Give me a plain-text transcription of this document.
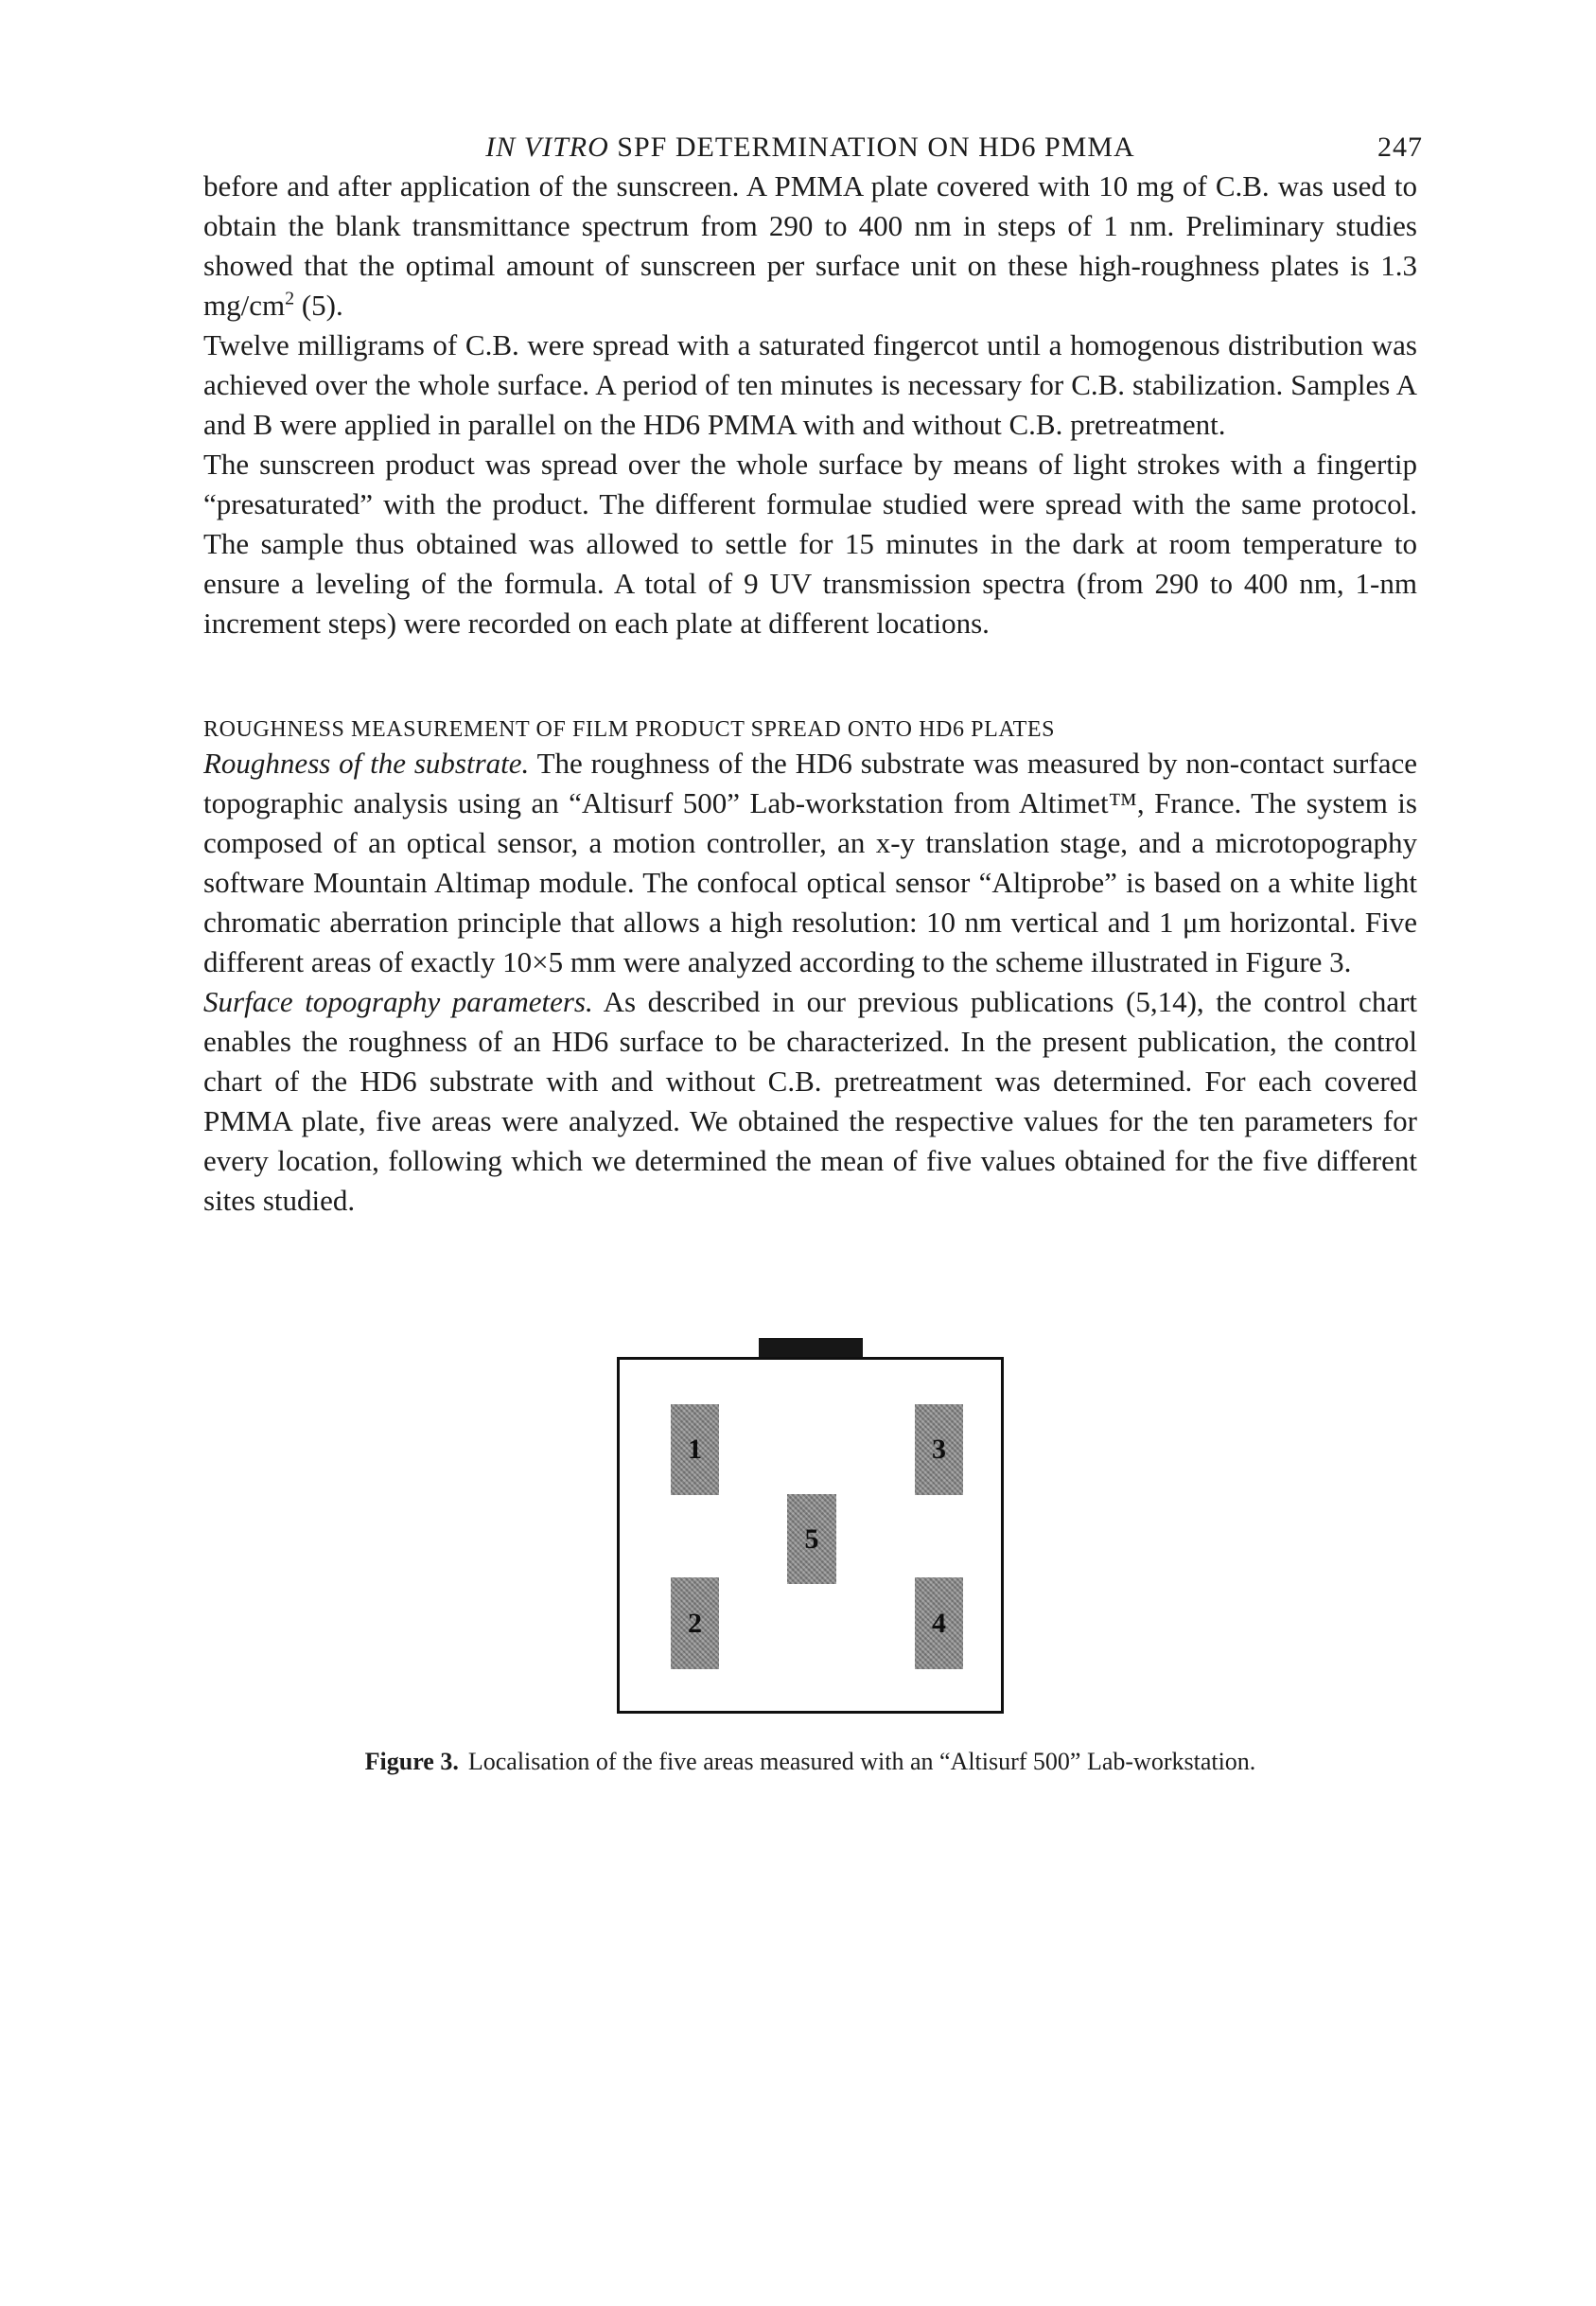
IN VITRO SPF DETERMINATION ON HD6 PMMA	247

before and after application of the sunscreen. A PMMA plate covered with 10 mg of C.B. was used to obtain the blank transmittance spectrum from 290 to 400 nm in steps of 1 nm. Preliminary studies showed that the optimal amount of sunscreen per surface unit on these high-roughness plates is 1.3 $mg/cm^2$ (5).

Twelve milligrams of C.B. were spread with a saturated fingercot until a homogenous distribution was achieved over the whole surface. A period of ten minutes is necessary for C.B. stabilization. Samples A and B were applied in parallel on the HD6 PMMA with and without C.B. pretreatment.

The sunscreen product was spread over the whole surface by means of light strokes with a fingertip “presaturated” with the product. The different formulae studied were spread with the same protocol. The sample thus obtained was allowed to settle for 15 minutes in the dark at room temperature to ensure a leveling of the formula. A total of 9 UV transmission spectra (from 290 to 400 nm, 1-nm increment steps) were recorded on each plate at different locations.

ROUGHNESS MEASUREMENT OF FILM PRODUCT SPREAD ONTO HD6 PLATES

Roughness of the substrate. The roughness of the HD6 substrate was measured by non-contact surface topographic analysis using an “Altisurf 500” Lab-workstation from Altimet™, France. The system is composed of an optical sensor, a motion controller, an x-y translation stage, and a microtopography software Mountain Altimap module. The confocal optical sensor “Altiprobe” is based on a white light chromatic aberration principle that allows a high resolution: 10 nm vertical and 1 μm horizontal. Five different areas of exactly 10×5 mm were analyzed according to the scheme illustrated in Figure 3.

Surface topography parameters. As described in our previous publications (5,14), the control chart enables the roughness of an HD6 surface to be characterized. In the present publication, the control chart of the HD6 substrate with and without C.B. pretreatment was determined. For each covered PMMA plate, five areas were analyzed. We obtained the respective values for the ten parameters for every location, following which we determined the mean of five values obtained for the five different sites studied.

1
2
3
4
5
Figure 3. Localisation of the five areas measured with an “Altisurf 500” Lab-workstation.
